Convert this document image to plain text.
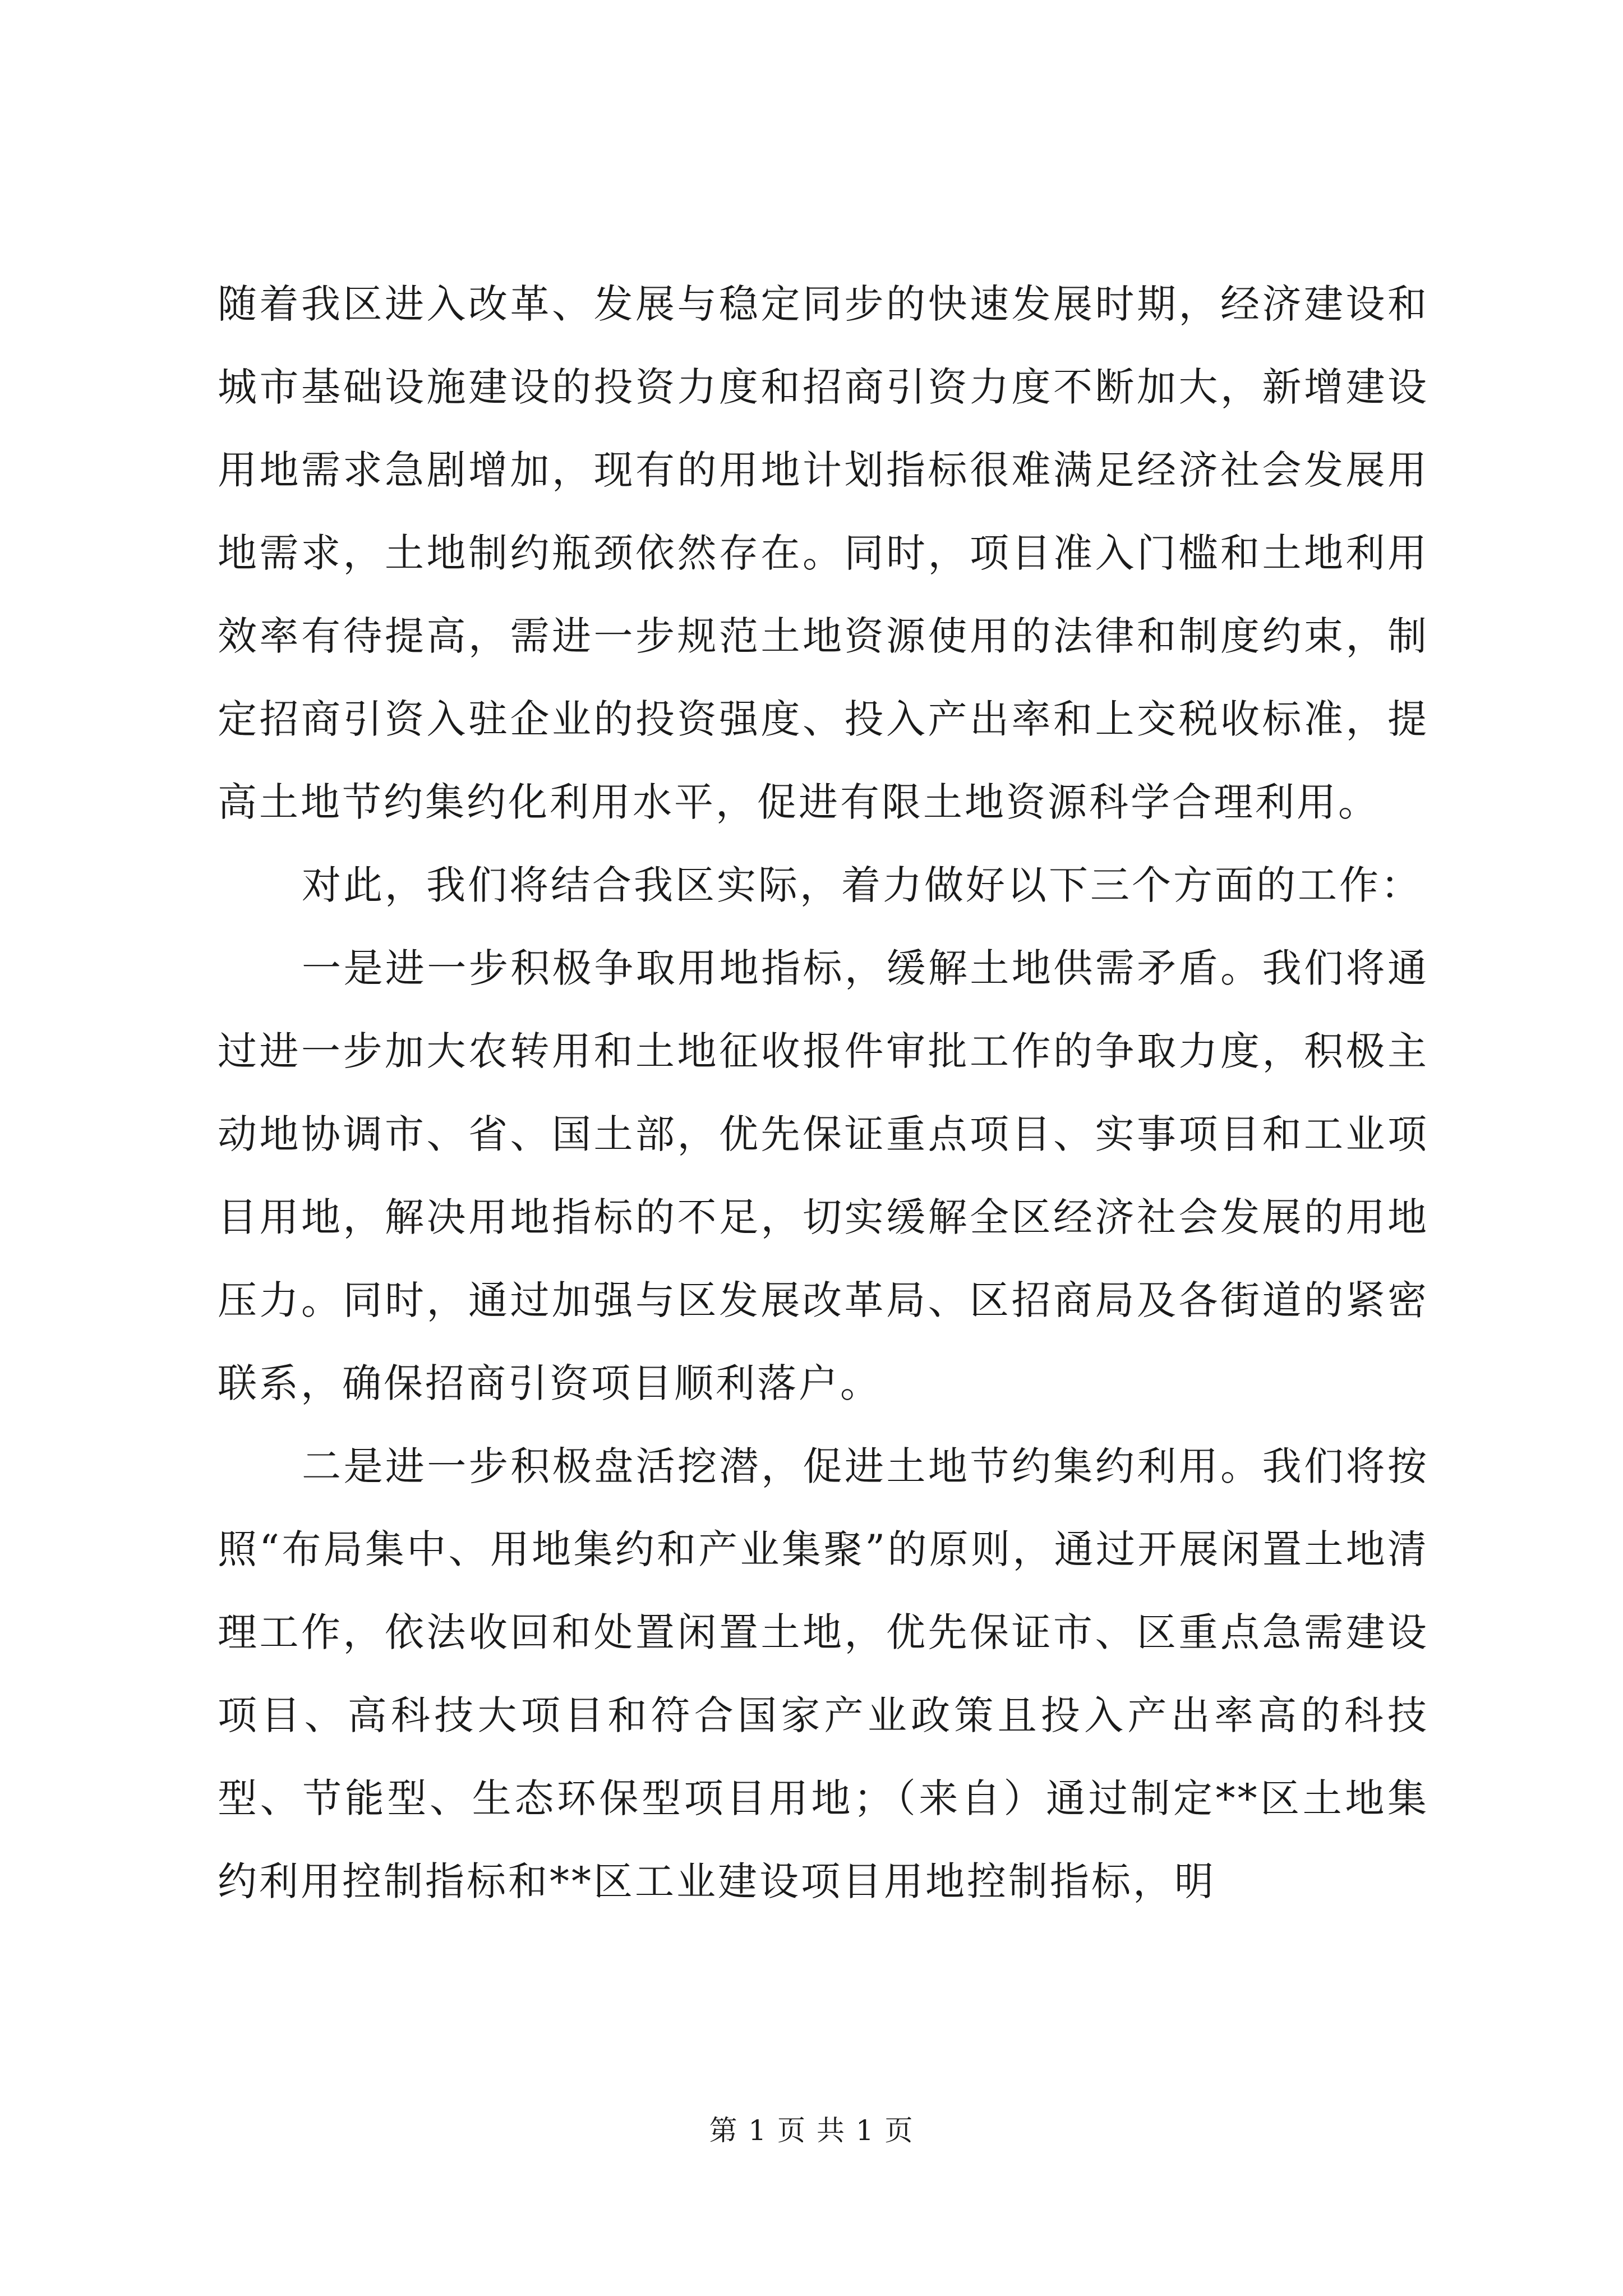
随着我区进入改革、发展与稳定同步的快速发展时期，经济建设和城市基础设施建设的投资力度和招商引资力度不断加大，新增建设用地需求急剧增加，现有的用地计划指标很难满足经济社会发展用地需求，土地制约瓶颈依然存在。同时，项目准入门槛和土地利用效率有待提高，需进一步规范土地资源使用的法律和制度约束，制定招商引资入驻企业的投资强度、投入产出率和上交税收标准，提高土地节约集约化利用水平，促进有限土地资源科学合理利用。

对此，我们将结合我区实际，着力做好以下三个方面的工作：

一是进一步积极争取用地指标，缓解土地供需矛盾。我们将通过进一步加大农转用和土地征收报件审批工作的争取力度，积极主动地协调市、省、国土部，优先保证重点项目、实事项目和工业项目用地，解决用地指标的不足，切实缓解全区经济社会发展的用地压力。同时，通过加强与区发展改革局、区招商局及各街道的紧密联系，确保招商引资项目顺利落户。

二是进一步积极盘活挖潜，促进土地节约集约利用。我们将按照“布局集中、用地集约和产业集聚”的原则，通过开展闲置土地清理工作，依法收回和处置闲置土地，优先保证市、区重点急需建设项目、高科技大项目和符合国家产业政策且投入产出率高的科技型、节能型、生态环保型项目用地；（来自）通过制定**区土地集约利用控制指标和**区工业建设项目用地控制指标，明

第 1 页 共 1 页
